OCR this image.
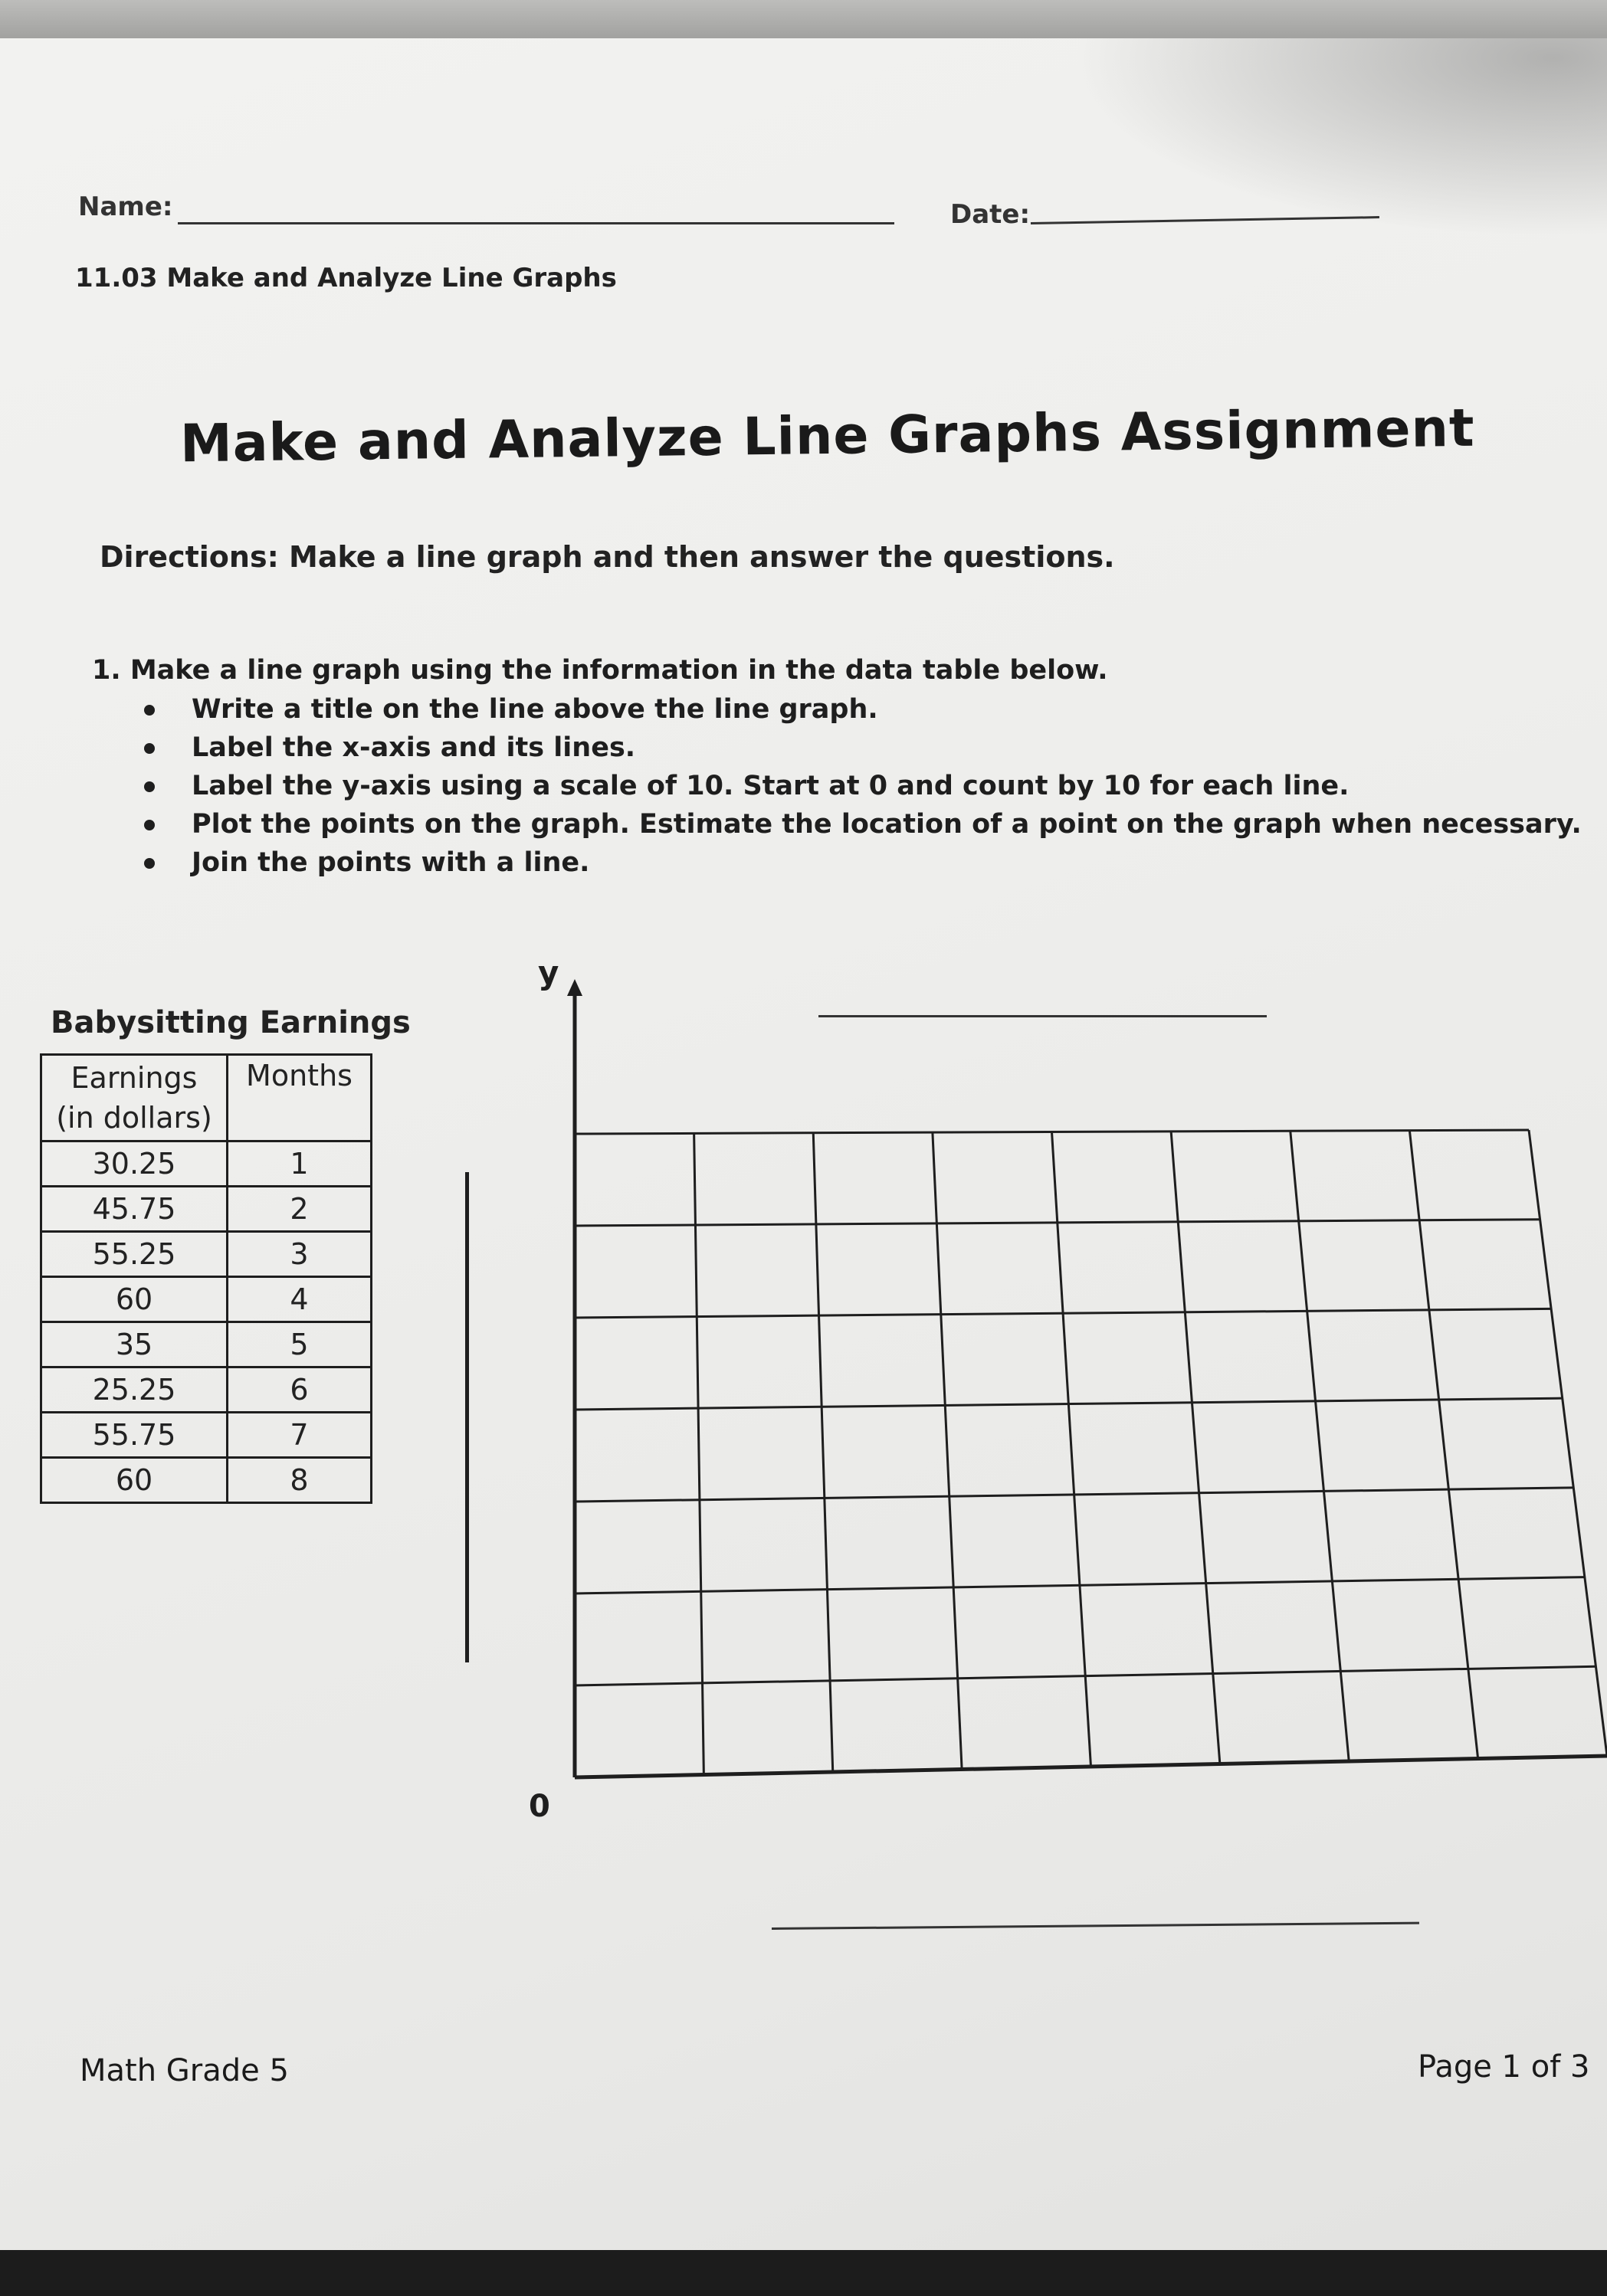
Name:	Date:
11.03 Make and Analyze Line Graphs
Make and Analyze Line Graphs Assignment
Directions: Make a line graph and then answer the questions.
1. Make a line graph using the information in the data table below.
Write a title on the line above the line graph.
Label the x-axis and its lines.
Label the y-axis using a scale of 10. Start at 0 and count by 10 for each line.
Plot the points on the graph. Estimate the location of a point on the graph when necessary.
Join the points with a line.
Babysitting Earnings
Earnings
(in dollars)	Months
30.25	1
45.75	2
55.25	3
60	4
35	5
25.25	6
55.75	7
60	8
y
0
Math Grade 5	Page 1 of 3
